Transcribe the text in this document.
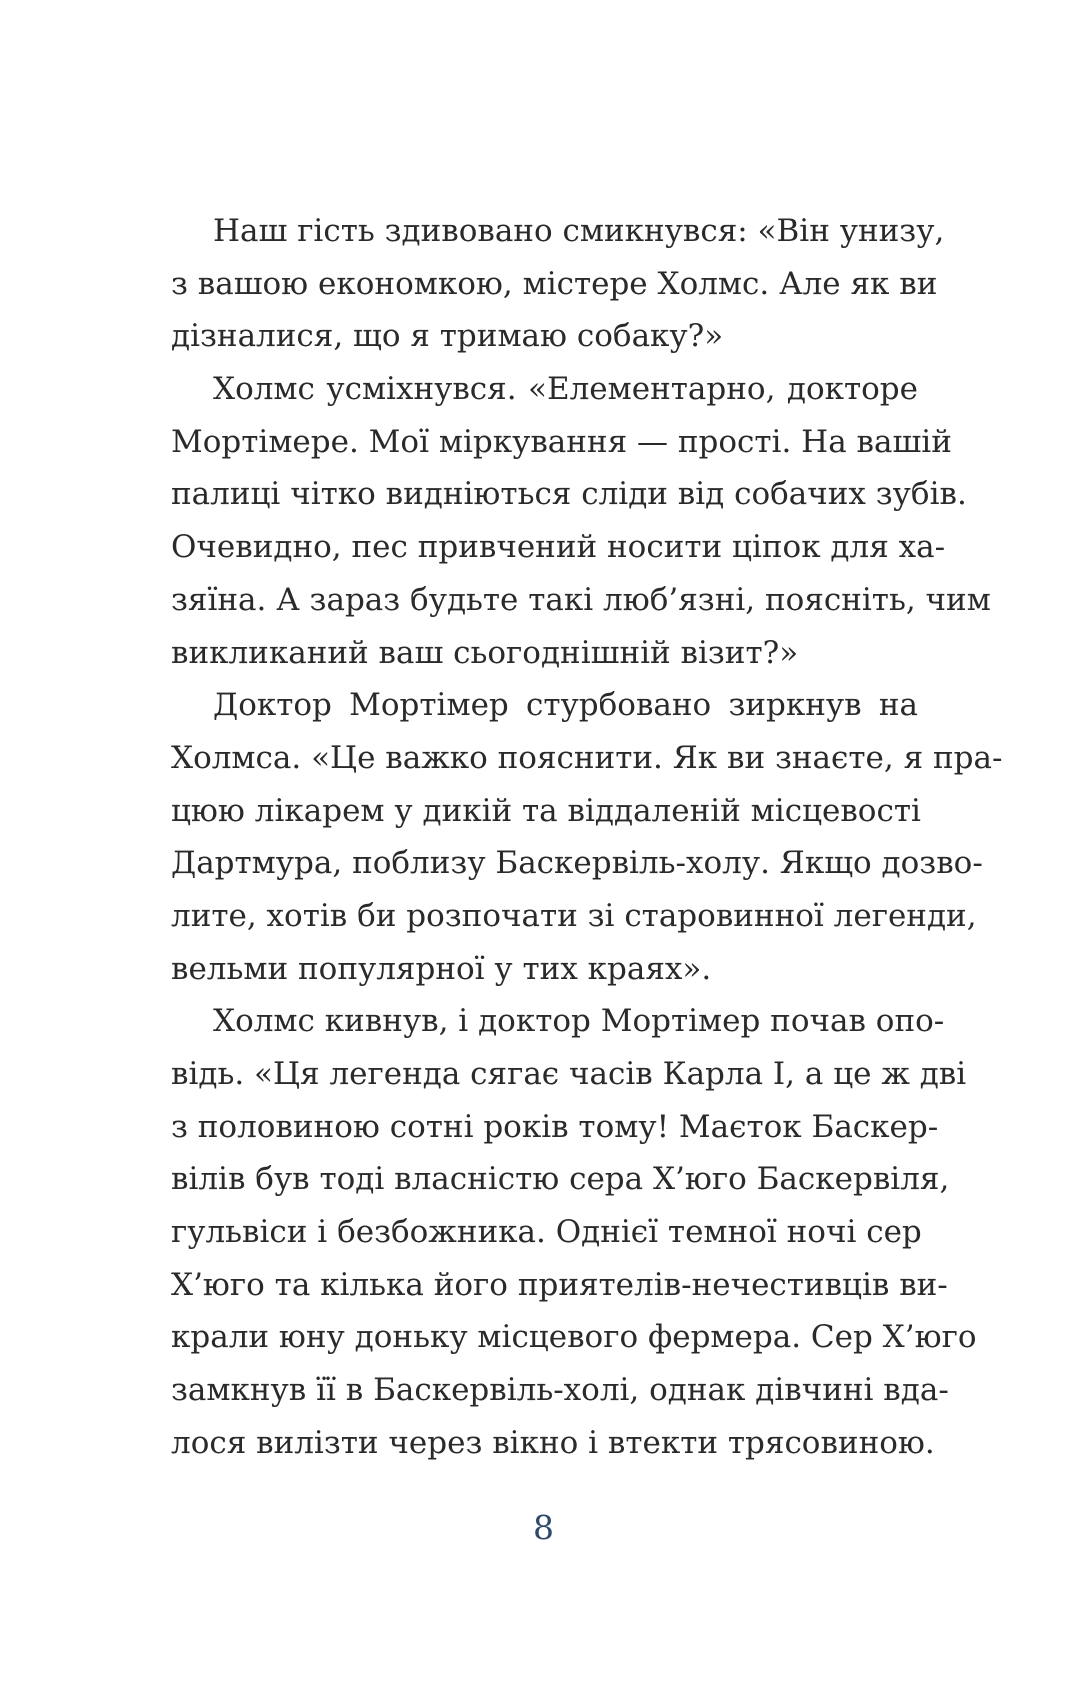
Наш гість здивовано смикнувся: «Він унизу,
з вашою економкою, містере Холмс. Але як ви
дізналися, що я тримаю собаку?»

Холмс усміхнувся. «Елементарно, докторе
Мортімере. Мої міркування — прості. На вашій
палиці чітко видніються сліди від собачих зубів.
Очевидно, пес привчений носити ціпок для ха-
зяїна. А зараз будьте такі люб’язні, поясніть, чим
викликаний ваш сьогоднішній візит?»

Доктор Мортімер стурбовано зиркнув на
Холмса. «Це важко пояснити. Як ви знаєте, я пра-
цюю лікарем у дикій та віддаленій місцевості
Дартмура, поблизу Баскервіль-холу. Якщо дозво-
лите, хотів би розпочати зі старовинної легенди,
вельми популярної у тих краях».

Холмс кивнув, і доктор Мортімер почав опо-
відь. «Ця легенда сягає часів Карла I, а це ж дві
з половиною сотні років тому! Маєток Баскер-
вілів був тоді власністю сера Х’юго Баскервіля,
гульвіси і безбожника. Однієї темної ночі сер
Х’юго та кілька його приятелів-нечестивців ви-
крали юну доньку місцевого фермера. Сер Х’юго
замкнув її в Баскервіль-холі, однак дівчині вда-
лося вилізти через вікно і втекти трясовиною.

8
